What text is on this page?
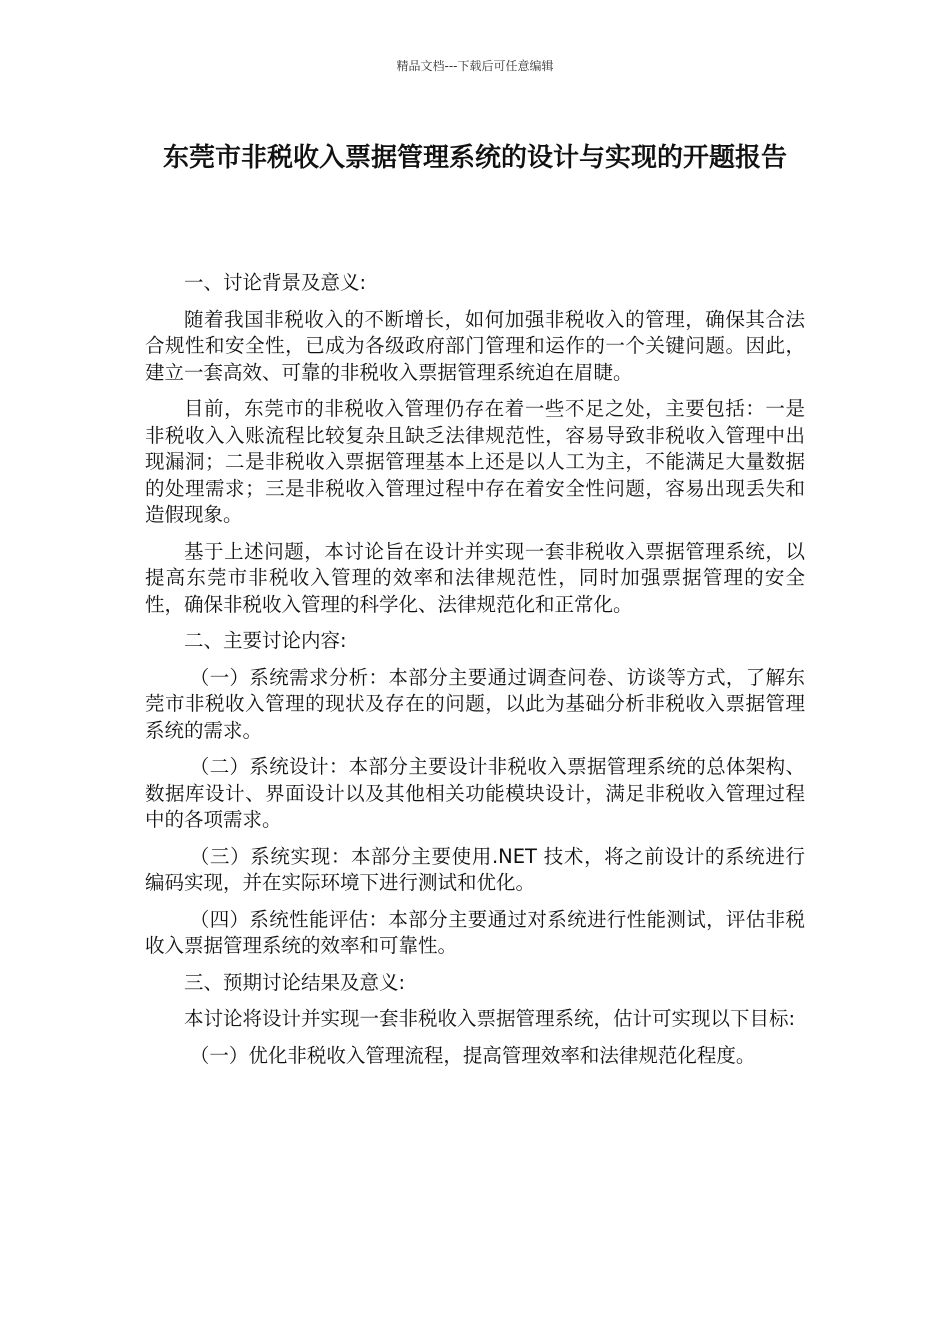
精品文档---下载后可任意编辑
东莞市非税收入票据管理系统的设计与实现的开题报告

一、讨论背景及意义:

随着我国非税收入的不断增长，如何加强非税收入的管理，确保其合法合规性和安全性，已成为各级政府部门管理和运作的一个关键问题。因此，建立一套高效、可靠的非税收入票据管理系统迫在眉睫。

目前，东莞市的非税收入管理仍存在着一些不足之处，主要包括：一是非税收入入账流程比较复杂且缺乏法律规范性，容易导致非税收入管理中出现漏洞；二是非税收入票据管理基本上还是以人工为主，不能满足大量数据的处理需求；三是非税收入管理过程中存在着安全性问题，容易出现丢失和造假现象。

基于上述问题，本讨论旨在设计并实现一套非税收入票据管理系统，以提高东莞市非税收入管理的效率和法律规范性，同时加强票据管理的安全性，确保非税收入管理的科学化、法律规范化和正常化。

二、主要讨论内容:

（一）系统需求分析：本部分主要通过调查问卷、访谈等方式，了解东莞市非税收入管理的现状及存在的问题，以此为基础分析非税收入票据管理系统的需求。

（二）系统设计：本部分主要设计非税收入票据管理系统的总体架构、数据库设计、界面设计以及其他相关功能模块设计，满足非税收入管理过程中的各项需求。

（三）系统实现：本部分主要使用.NET 技术，将之前设计的系统进行编码实现，并在实际环境下进行测试和优化。

（四）系统性能评估：本部分主要通过对系统进行性能测试，评估非税收入票据管理系统的效率和可靠性。

三、预期讨论结果及意义:

本讨论将设计并实现一套非税收入票据管理系统，估计可实现以下目标:

（一）优化非税收入管理流程，提高管理效率和法律规范化程度。
